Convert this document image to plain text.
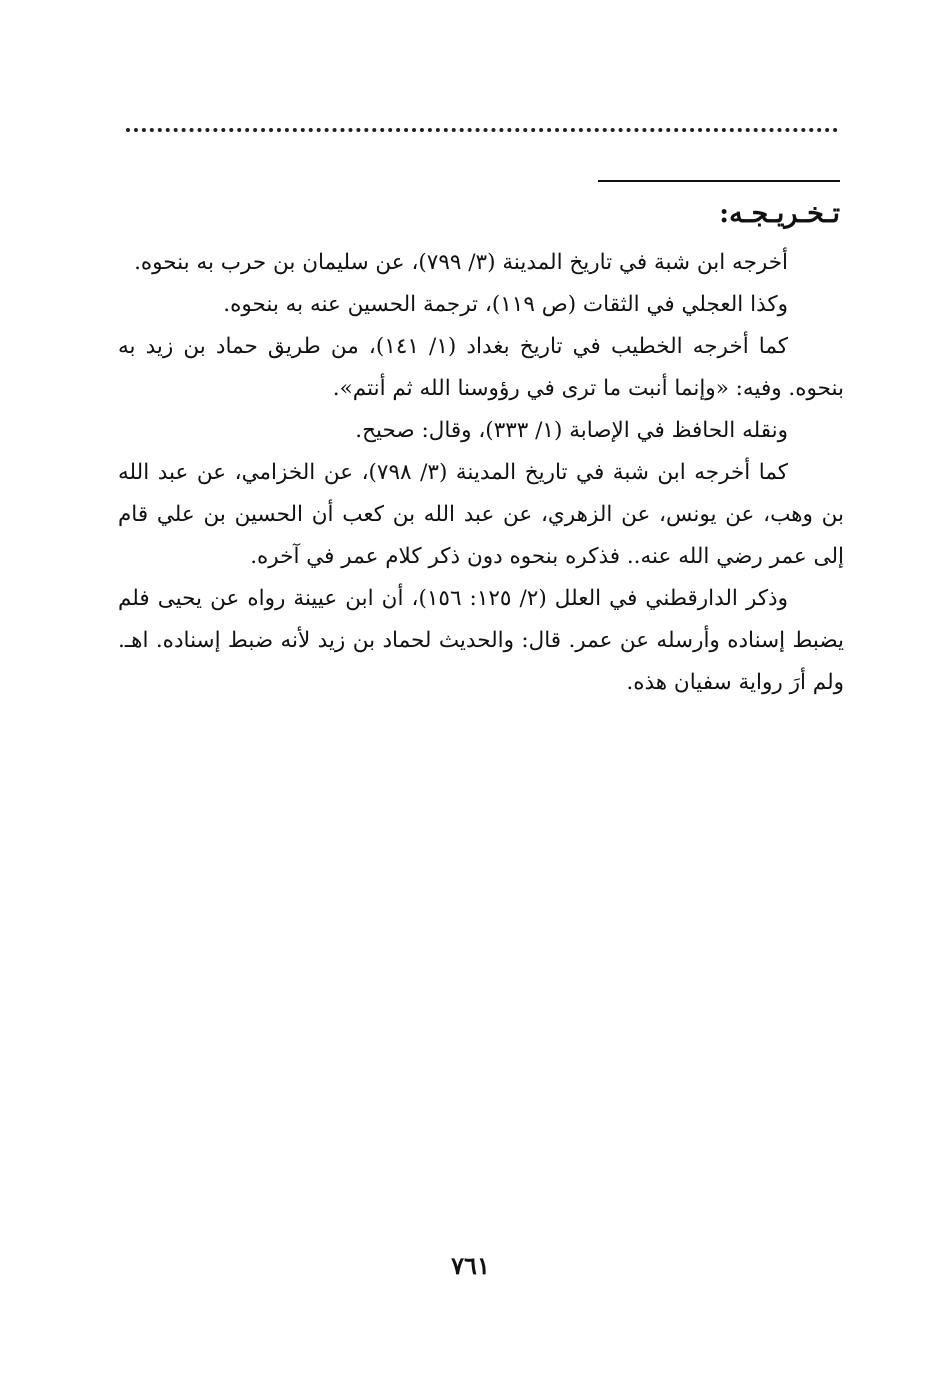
تـخـريـجـه:

أخرجه ابن شبة في تاريخ المدينة (٣/ ٧٩٩)، عن سليمان بن حرب به بنحوه.

وكذا العجلي في الثقات (ص ١١٩)، ترجمة الحسين عنه به بنحوه.

كما أخرجه الخطيب في تاريخ بغداد (١/ ١٤١)، من طريق حماد بن زيد به بنحوه. وفيه: «وإنما أنبت ما ترى في رؤوسنا الله ثم أنتم».

ونقله الحافظ في الإصابة (١/ ٣٣٣)، وقال: صحيح.

كما أخرجه ابن شبة في تاريخ المدينة (٣/ ٧٩٨)، عن الخزامي، عن عبد الله بن وهب، عن يونس، عن الزهري، عن عبد الله بن كعب أن الحسين بن علي قام إلى عمر رضي الله عنه.. فذكره بنحوه دون ذكر كلام عمر في آخره.

وذكر الدارقطني في العلل (٢/ ١٢٥: ١٥٦)، أن ابن عيينة رواه عن يحيى فلم يضبط إسناده وأرسله عن عمر. قال: والحديث لحماد بن زيد لأنه ضبط إسناده. اهـ. ولم أرَ رواية سفيان هذه.

٧٦١
